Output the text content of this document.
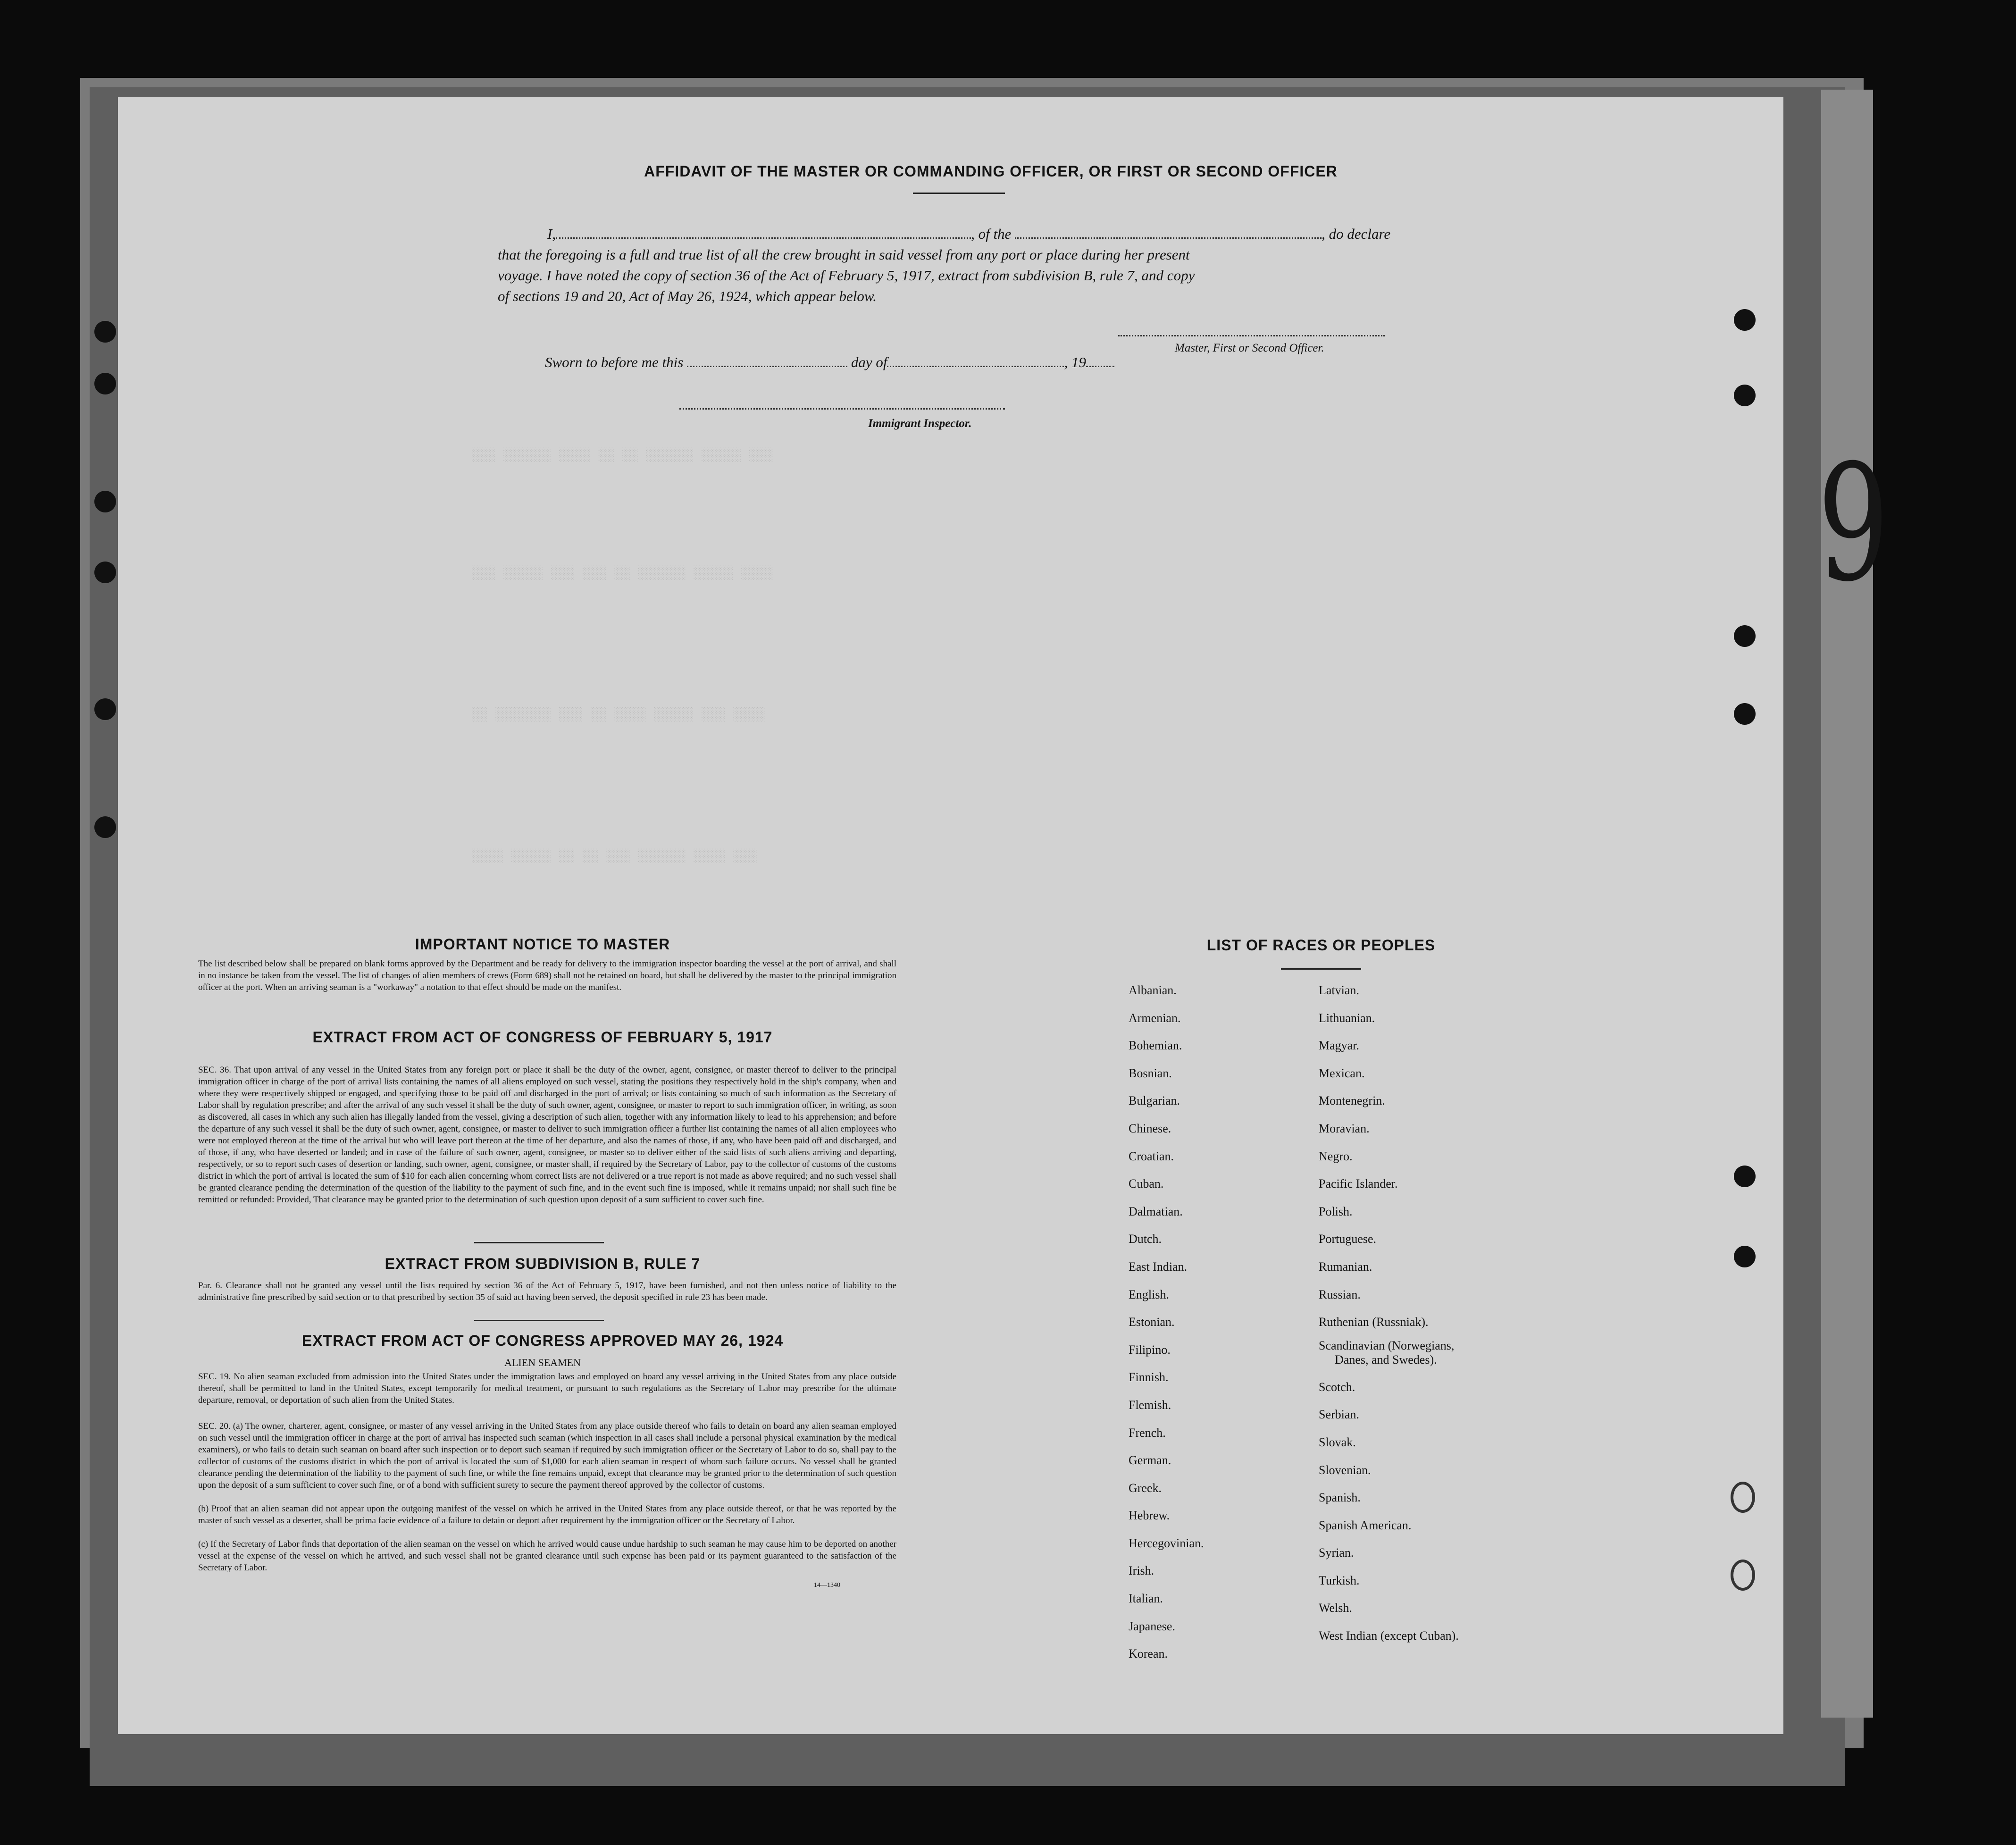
░░░ ░░░░░░ ░░░░ ░░ ░░ ░░░░░░ ░░░░░ ░░░
░░░ ░░░░░ ░░░ ░░░ ░░ ░░░░░░ ░░░░░ ░░░░
░░ ░░░░░░░ ░░░ ░░ ░░░░ ░░░░░ ░░░ ░░░░
░░░░ ░░░░░ ░░ ░░ ░░░ ░░░░░░ ░░░░ ░░░
9
AFFIDAVIT OF THE MASTER OR COMMANDING OFFICER, OR FIRST OR SECOND OFFICER
I,	, of the	, do declare
that the foregoing is a full and true list of all the crew brought in said vessel from any port or place during her present
voyage. I have noted the copy of section 36 of the Act of February 5, 1917, extract from subdivision B, rule 7, and copy
of sections 19 and 20, Act of May 26, 1924, which appear below.
Master, First or Second Officer.
Sworn to before me this	day of	, 19
Immigrant Inspector.
IMPORTANT NOTICE TO MASTER
The list described below shall be prepared on blank forms approved by the Department and be ready for delivery to the immigration inspector boarding the vessel at the port of arrival, and shall in no instance be taken from the vessel. The list of changes of alien members of crews (Form 689) shall not be retained on board, but shall be delivered by the master to the principal immigration officer at the port. When an arriving seaman is a "workaway" a notation to that effect should be made on the manifest.
EXTRACT FROM ACT OF CONGRESS OF FEBRUARY 5, 1917
SEC. 36. That upon arrival of any vessel in the United States from any foreign port or place it shall be the duty of the owner, agent, consignee, or master thereof to deliver to the principal immigration officer in charge of the port of arrival lists containing the names of all aliens employed on such vessel, stating the positions they respectively hold in the ship's company, when and where they were respectively shipped or engaged, and specifying those to be paid off and discharged in the port of arrival; or lists containing so much of such information as the Secretary of Labor shall by regulation prescribe; and after the arrival of any such vessel it shall be the duty of such owner, agent, consignee, or master to report to such immigration officer, in writing, as soon as discovered, all cases in which any such alien has illegally landed from the vessel, giving a description of such alien, together with any information likely to lead to his apprehension; and before the departure of any such vessel it shall be the duty of such owner, agent, consignee, or master to deliver to such immigration officer a further list containing the names of all alien employees who were not employed thereon at the time of the arrival but who will leave port thereon at the time of her departure, and also the names of those, if any, who have been paid off and discharged, and of those, if any, who have deserted or landed; and in case of the failure of such owner, agent, consignee, or master so to deliver either of the said lists of such aliens arriving and departing, respectively, or so to report such cases of desertion or landing, such owner, agent, consignee, or master shall, if required by the Secretary of Labor, pay to the collector of customs of the customs district in which the port of arrival is located the sum of $10 for each alien concerning whom correct lists are not delivered or a true report is not made as above required; and no such vessel shall be granted clearance pending the determination of the question of the liability to the payment of such fine, and in the event such fine is imposed, while it remains unpaid; nor shall such fine be remitted or refunded: Provided, That clearance may be granted prior to the determination of such question upon deposit of a sum sufficient to cover such fine.
EXTRACT FROM SUBDIVISION B, RULE 7
Par. 6. Clearance shall not be granted any vessel until the lists required by section 36 of the Act of February 5, 1917, have been furnished, and not then unless notice of liability to the administrative fine prescribed by said section or to that prescribed by section 35 of said act having been served, the deposit specified in rule 23 has been made.
EXTRACT FROM ACT OF CONGRESS APPROVED MAY 26, 1924
ALIEN SEAMEN
SEC. 19. No alien seaman excluded from admission into the United States under the immigration laws and employed on board any vessel arriving in the United States from any place outside thereof, shall be permitted to land in the United States, except temporarily for medical treatment, or pursuant to such regulations as the Secretary of Labor may prescribe for the ultimate departure, removal, or deportation of such alien from the United States.
SEC. 20. (a) The owner, charterer, agent, consignee, or master of any vessel arriving in the United States from any place outside thereof who fails to detain on board any alien seaman employed on such vessel until the immigration officer in charge at the port of arrival has inspected such seaman (which inspection in all cases shall include a personal physical examination by the medical examiners), or who fails to detain such seaman on board after such inspection or to deport such seaman if required by such immigration officer or the Secretary of Labor to do so, shall pay to the collector of customs of the customs district in which the port of arrival is located the sum of $1,000 for each alien seaman in respect of whom such failure occurs. No vessel shall be granted clearance pending the determination of the liability to the payment of such fine, or while the fine remains unpaid, except that clearance may be granted prior to the determination of such question upon the deposit of a sum sufficient to cover such fine, or of a bond with sufficient surety to secure the payment thereof approved by the collector of customs.
(b) Proof that an alien seaman did not appear upon the outgoing manifest of the vessel on which he arrived in the United States from any place outside thereof, or that he was reported by the master of such vessel as a deserter, shall be prima facie evidence of a failure to detain or deport after requirement by the immigration officer or the Secretary of Labor.
(c) If the Secretary of Labor finds that deportation of the alien seaman on the vessel on which he arrived would cause undue hardship to such seaman he may cause him to be deported on another vessel at the expense of the vessel on which he arrived, and such vessel shall not be granted clearance until such expense has been paid or its payment guaranteed to the satisfaction of the Secretary of Labor.
14—1340
LIST OF RACES OR PEOPLES
Albanian.
Armenian.
Bohemian.
Bosnian.
Bulgarian.
Chinese.
Croatian.
Cuban.
Dalmatian.
Dutch.
East Indian.
English.
Estonian.
Filipino.
Finnish.
Flemish.
French.
German.
Greek.
Hebrew.
Hercegovinian.
Irish.
Italian.
Japanese.
Korean.
Latvian.
Lithuanian.
Magyar.
Mexican.
Montenegrin.
Moravian.
Negro.
Pacific Islander.
Polish.
Portuguese.
Rumanian.
Russian.
Ruthenian (Russniak).
Scandinavian (Norwegians,
Danes, and Swedes).
Scotch.
Serbian.
Slovak.
Slovenian.
Spanish.
Spanish American.
Syrian.
Turkish.
Welsh.
West Indian (except Cuban).
